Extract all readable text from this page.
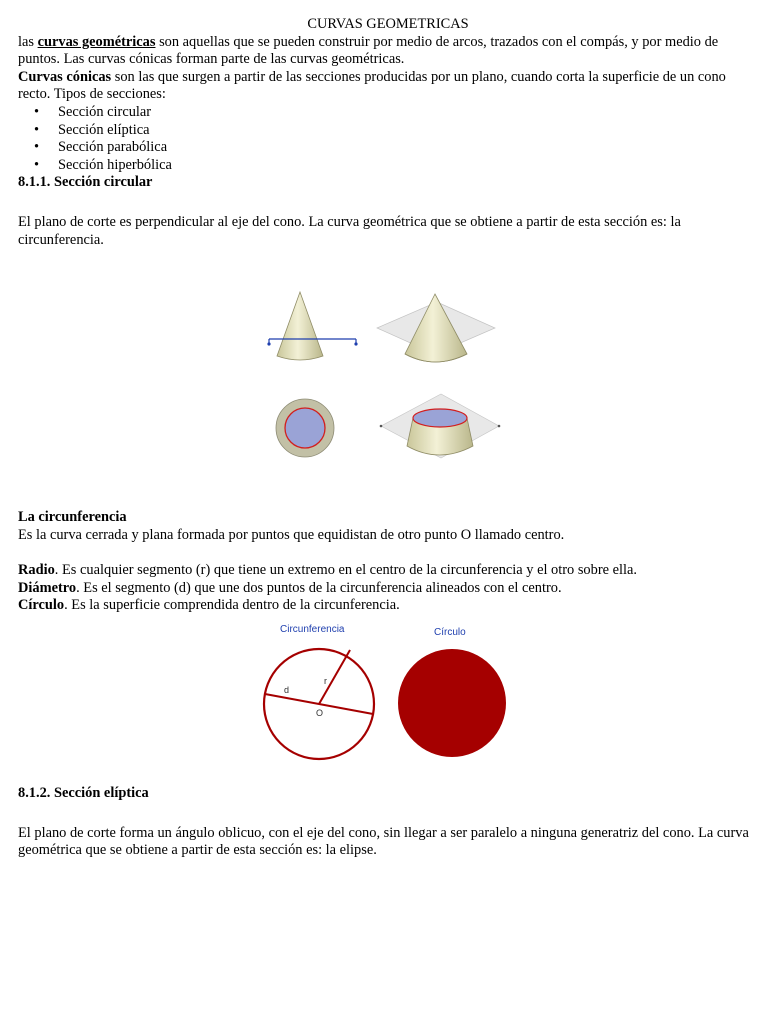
CURVAS GEOMETRICAS

las curvas geométricas son aquellas que se pueden construir por medio de arcos, trazados con el compás, y por medio de puntos. Las curvas cónicas forman parte de las curvas geométricas.

Curvas cónicas son las que surgen a partir de las secciones producidas por un plano, cuando corta la superficie de un cono recto. Tipos de secciones:

• Sección circular
• Sección elíptica
• Sección parabólica
• Sección hiperbólica

8.1.1. Sección circular

El plano de corte es perpendicular al eje del cono. La curva geométrica que se obtiene a partir de esta sección es: la circunferencia.

La circunferencia

Es la curva cerrada y plana formada por puntos que equidistan de otro punto O llamado centro.

Radio. Es cualquier segmento (r) que tiene un extremo en el centro de la circunferencia y el otro sobre ella.

Diámetro. Es el segmento (d) que une dos puntos de la circunferencia alineados con el centro.

Círculo. Es la superficie comprendida dentro de la circunferencia.

Circunferencia	Círculo
r
d
O

8.1.2. Sección elíptica

El plano de corte forma un ángulo oblicuo, con el eje del cono, sin llegar a ser paralelo a ninguna generatriz del cono. La curva geométrica que se obtiene a partir de esta sección es: la elipse.
